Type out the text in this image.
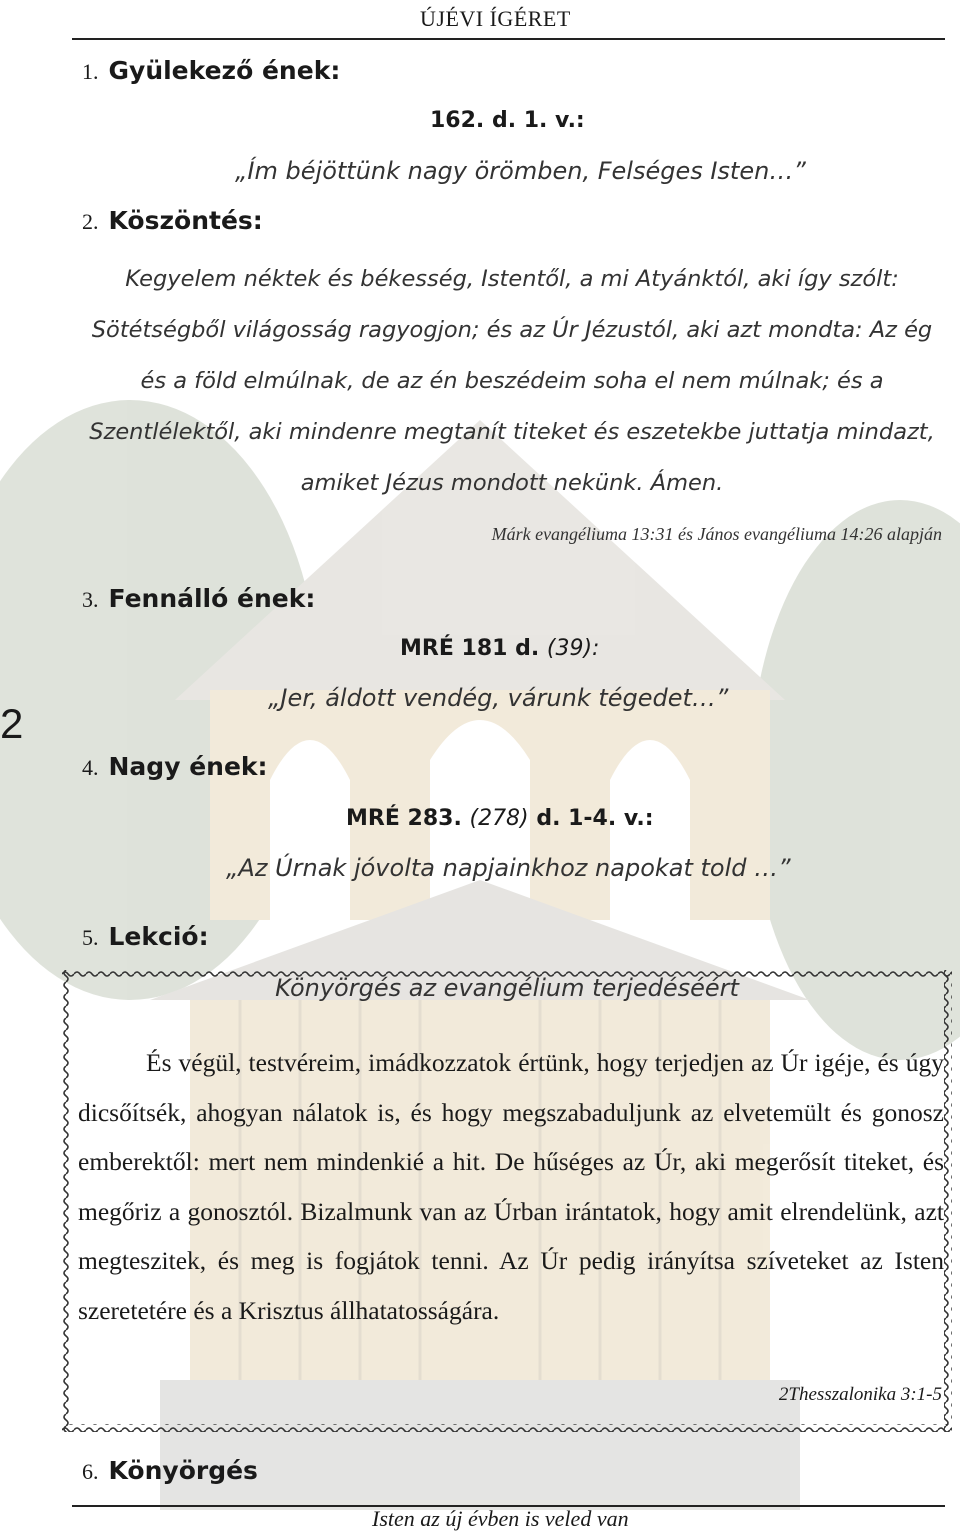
ÚJÉVI ÍGÉRET
1. Gyülekező ének:
162. d. 1. v.:
„Ím béjöttünk nagy örömben, Felséges Isten…”
2. Köszöntés:
Kegyelem néktek és békesség, Istentől, a mi Atyánktól, aki így szólt: Sötétségből világosság ragyogjon; és az Úr Jézustól, aki azt mondta: Az ég és a föld elmúlnak, de az én beszédeim soha el nem múlnak; és a Szentlélektől, aki mindenre megtanít titeket és eszetekbe juttatja mindazt, amiket Jézus mondott nekünk. Ámen.
Márk evangéliuma 13:31 és János evangéliuma 14:26 alapján
3. Fennálló ének:
MRÉ 181 d. (39):
„Jer, áldott vendég, várunk tégedet…”
2
4. Nagy ének:
MRÉ 283. (278) d. 1-4. v.:
„Az Úrnak jóvolta napjainkhoz napokat told …”
5. Lekció:
Könyörgés az evangélium terjedéséért
És végül, testvéreim, imádkozzatok értünk, hogy terjedjen az Úr igéje, és úgy dicsőítsék, ahogyan nálatok is, és hogy megszabaduljunk az elvetemült és gonosz emberektől: mert nem mindenkié a hit. De hűséges az Úr, aki megerősít titeket, és megőriz a gonosztól. Bizalmunk van az Úrban irántatok, hogy amit elrendelünk, azt megteszitek, és meg is fogjátok tenni. Az Úr pedig irányítsa szíveteket az Isten szeretetére és a Krisztus állhatatosságára.
2Thesszalonika 3:1-5
6. Könyörgés
Isten az új évben is veled van
